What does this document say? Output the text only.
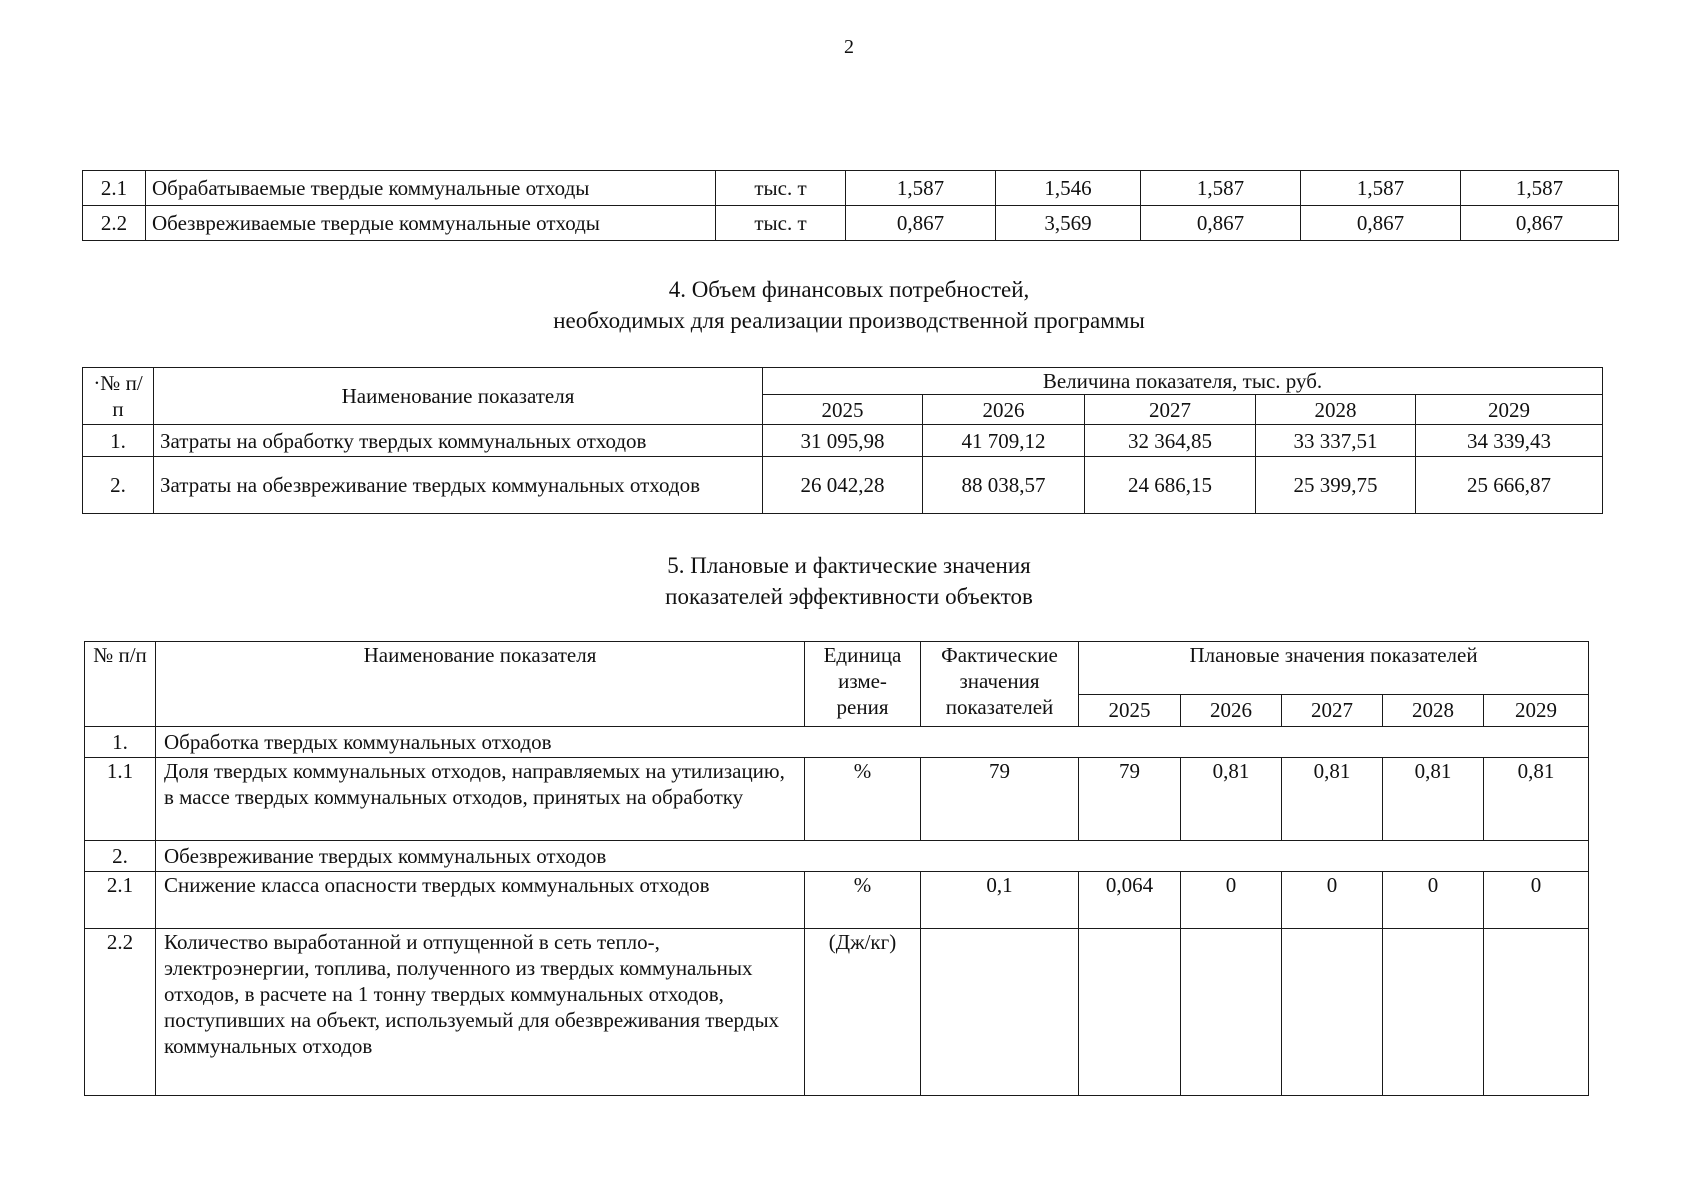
2
2.1	Обрабатываемые твердые коммунальные отходы	тыс. т	1,587	1,546	1,587	1,587	1,587
2.2	Обезвреживаемые твердые коммунальные отходы	тыс. т	0,867	3,569	0,867	0,867	0,867
4. Объем финансовых потребностей,
необходимых для реализации производственной программы
·№ п/п	Наименование показателя	Величина показателя, тыс. руб.				
		2025	2026	2027	2028	2029
1.	Затраты на обработку твердых коммунальных отходов	31 095,98	41 709,12	32 364,85	33 337,51	34 339,43
2.	Затраты на обезвреживание твердых коммунальных отходов	26 042,28	88 038,57	24 686,15	25 399,75	25 666,87
5. Плановые и фактические значения
показателей эффективности объектов
№ п/п	Наименование показателя	Единица изме- рения	Фактические значения показателей	Плановые значения показателей				
				2025	2026	2027	2028	2029
1.	Обработка твердых коммунальных отходов							
1.1	Доля твердых коммунальных отходов, направляемых на утилизацию, в массе твердых коммунальных отходов, принятых на обработку	%	79	79	0,81	0,81	0,81	0,81
2.	Обезвреживание твердых коммунальных отходов							
2.1	Снижение класса опасности твердых коммунальных отходов	%	0,1	0,064	0	0	0	0
2.2	Количество выработанной и отпущенной в сеть тепло-, электроэнергии, топлива, полученного из твердых коммунальных отходов, в расчете на 1 тонну твердых коммунальных отходов, поступивших на объект, используемый для обезвреживания твердых коммунальных отходов	(Дж/кг)						
